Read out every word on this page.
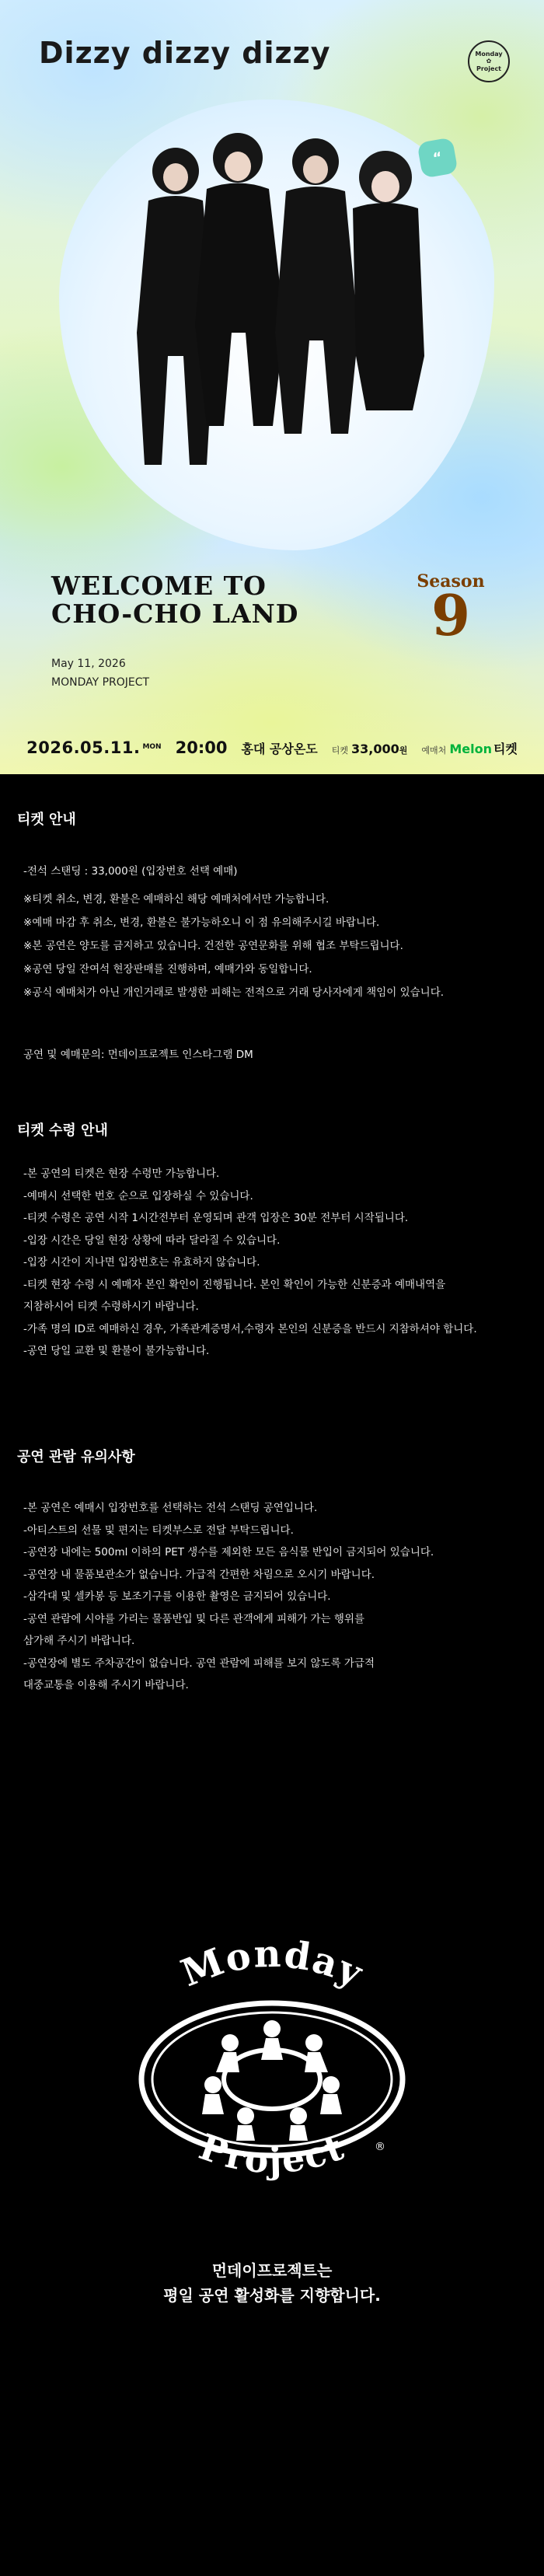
Dizzy dizzy dizzy	Monday
✿
Project
“
WELCOME TO
CHO-CHO LAND
May 11, 2026
MONDAY PROJECT
Season
9
2026.05.11. $^{MON}$ 20:00 홍대 공상온도 티켓 33,000원 예매처 Melon 티켓
티켓 안내
-전석 스탠딩 : 33,000원 (입장번호 선택 예매)
※티켓 취소, 변경, 환불은 예매하신 해당 예매처에서만 가능합니다.
※예매 마감 후 취소, 변경, 환불은 불가능하오니 이 점 유의해주시길 바랍니다.
※본 공연은 양도를 금지하고 있습니다. 건전한 공연문화를 위해 협조 부탁드립니다.
※공연 당일 잔여석 현장판매를 진행하며, 예매가와 동일합니다.
※공식 예매처가 아닌 개인거래로 발생한 피해는 전적으로 거래 당사자에게 책임이 있습니다.
공연 및 예매문의: 먼데이프로젝트 인스타그램 DM
티켓 수령 안내
-본 공연의 티켓은 현장 수령만 가능합니다.
-예매시 선택한 번호 순으로 입장하실 수 있습니다.
-티켓 수령은 공연 시작 1시간전부터 운영되며 관객 입장은 30분 전부터 시작됩니다.
-입장 시간은 당일 현장 상황에 따라 달라질 수 있습니다.
-입장 시간이 지나면 입장번호는 유효하지 않습니다.
-티켓 현장 수령 시 예매자 본인 확인이 진행됩니다. 본인 확인이 가능한 신분증과 예매내역을
지참하시어 티켓 수령하시기 바랍니다.
-가족 명의 ID로 예매하신 경우, 가족관계증명서,수령자 본인의 신분증을 반드시 지참하셔야 합니다.
-공연 당일 교환 및 환불이 불가능합니다.
공연 관람 유의사항
-본 공연은 예매시 입장번호를 선택하는 전석 스탠딩 공연입니다.
-아티스트의 선물 및 편지는 티켓부스로 전달 부탁드립니다.
-공연장 내에는 500ml 이하의 PET 생수를 제외한 모든 음식물 반입이 금지되어 있습니다.
-공연장 내 물품보관소가 없습니다. 가급적 간편한 차림으로 오시기 바랍니다.
-삼각대 및 셀카봉 등 보조기구를 이용한 촬영은 금지되어 있습니다.
-공연 관람에 시야를 가리는 물품반입 및 다른 관객에게 피해가 가는 행위를
삼가해 주시기 바랍니다.
-공연장에 별도 주차공간이 없습니다. 공연 관람에 피해를 보지 않도록 가급적
대중교통을 이용해 주시기 바랍니다.
Monday
Project ®
먼데이프로젝트는
평일 공연 활성화를 지향합니다.
